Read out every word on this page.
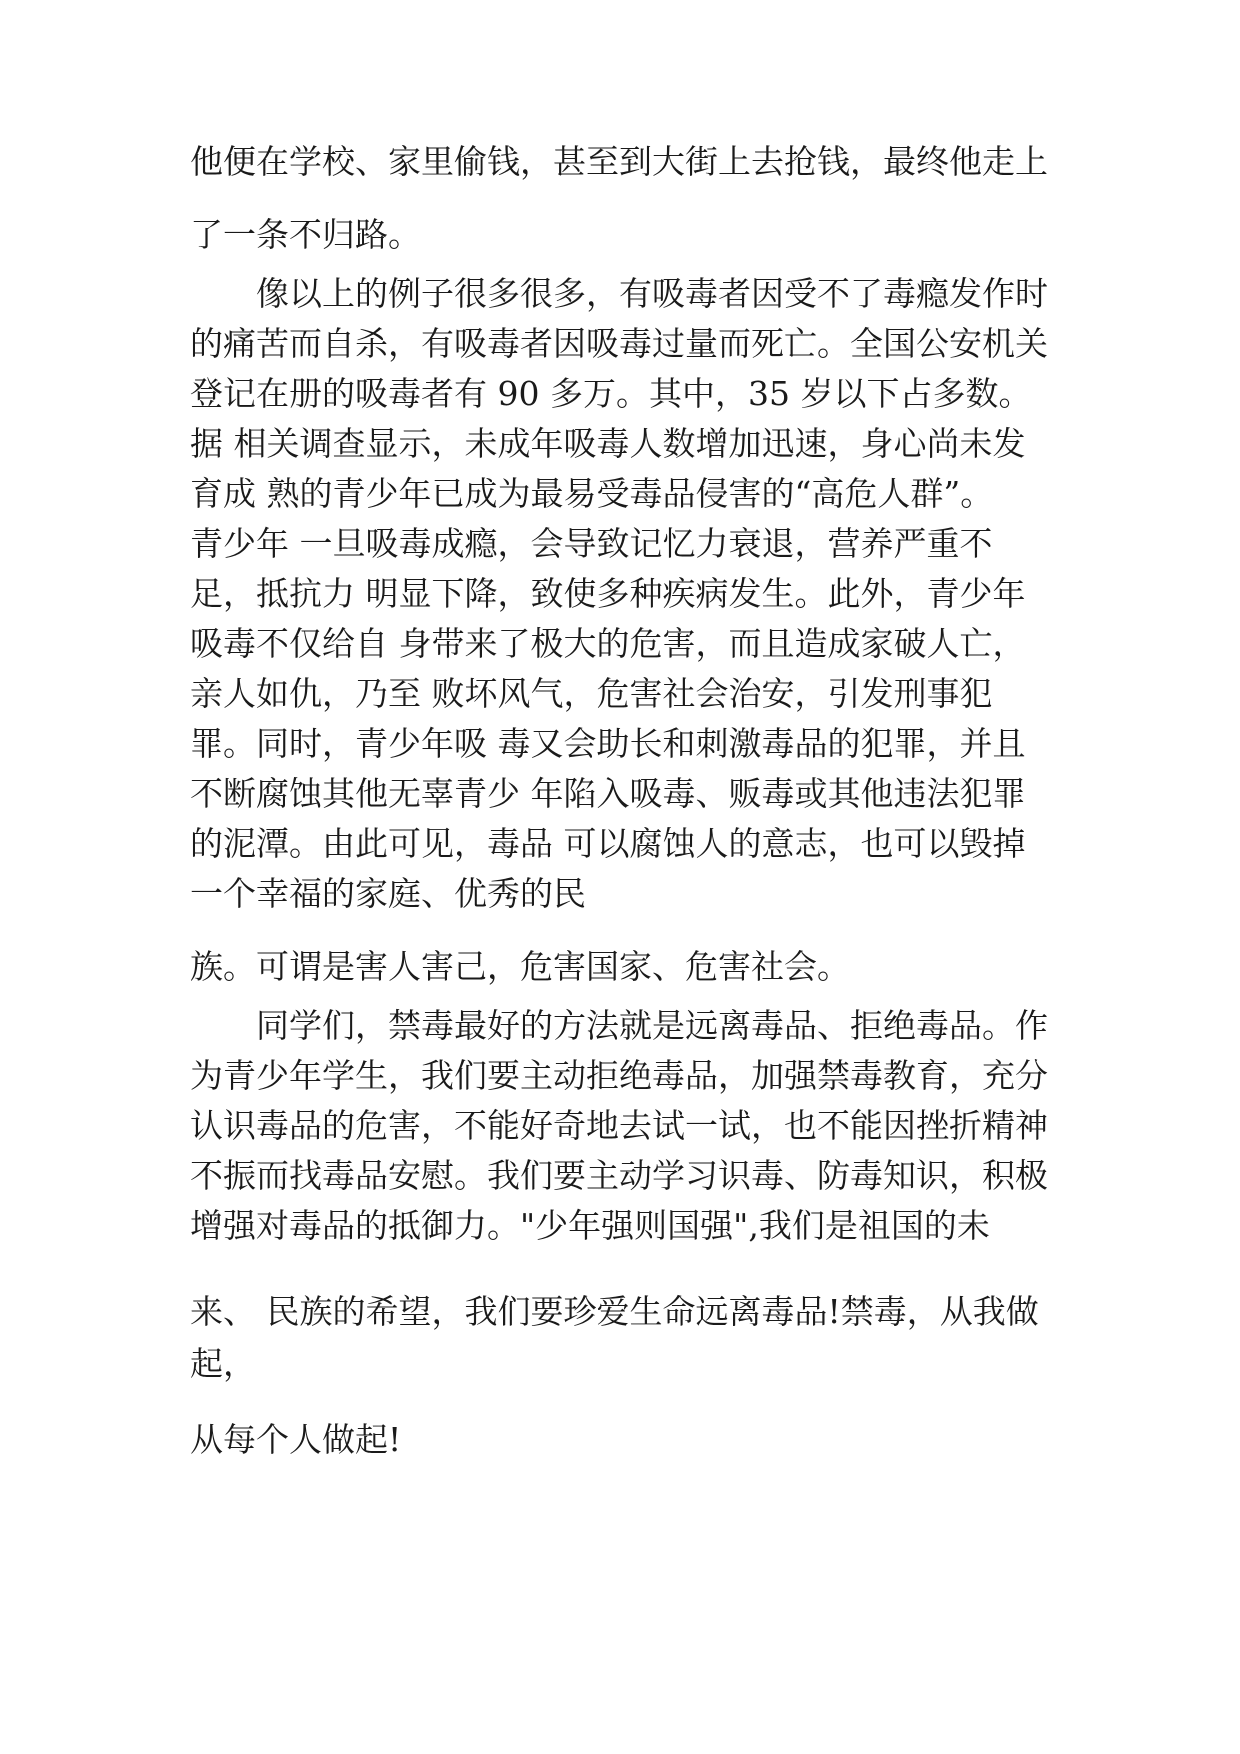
他便在学校、家里偷钱，甚至到大街上去抢钱，最终他走上
了一条不归路。
　　像以上的例子很多很多，有吸毒者因受不了毒瘾发作时
的痛苦而自杀，有吸毒者因吸毒过量而死亡。全国公安机关
登记在册的吸毒者有 90 多万。其中，35 岁以下占多数。
据 相关调查显示，未成年吸毒人数增加迅速，身心尚未发
育成 熟的青少年已成为最易受毒品侵害的“高危人群”。
青少年 一旦吸毒成瘾，会导致记忆力衰退，营养严重不
足，抵抗力 明显下降，致使多种疾病发生。此外，青少年
吸毒不仅给自 身带来了极大的危害，而且造成家破人亡，
亲人如仇，乃至 败坏风气，危害社会治安，引发刑事犯
罪。同时，青少年吸 毒又会助长和刺激毒品的犯罪，并且
不断腐蚀其他无辜青少 年陷入吸毒、贩毒或其他违法犯罪
的泥潭。由此可见，毒品 可以腐蚀人的意志，也可以毁掉
一个幸福的家庭、优秀的民
族。可谓是害人害己，危害国家、危害社会。
　　同学们，禁毒最好的方法就是远离毒品、拒绝毒品。作
为青少年学生，我们要主动拒绝毒品，加强禁毒教育，充分
认识毒品的危害，不能好奇地去试一试，也不能因挫折精神
不振而找毒品安慰。我们要主动学习识毒、防毒知识，积极
增强对毒品的抵御力。"少年强则国强",我们是祖国的未
来、 民族的希望，我们要珍爱生命远离毒品!禁毒，从我做
起，
从每个人做起!
